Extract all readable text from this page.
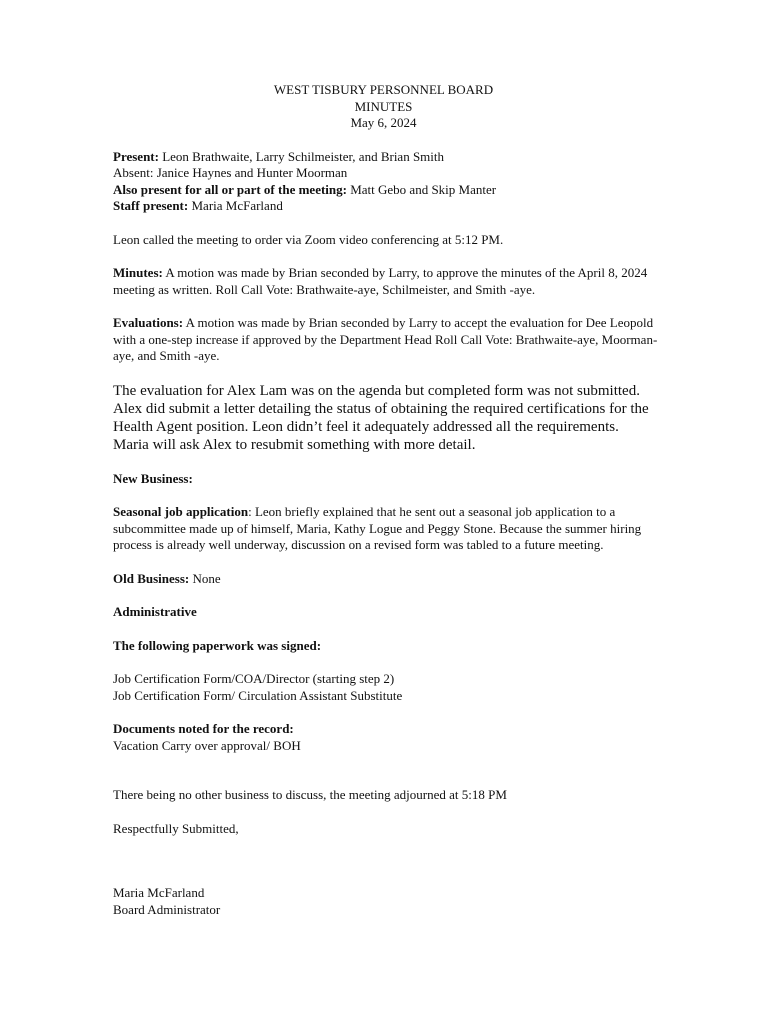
WEST TISBURY PERSONNEL BOARD
MINUTES
May 6, 2024

Present: Leon Brathwaite, Larry Schilmeister, and Brian Smith

Absent: Janice Haynes and Hunter Moorman

Also present for all or part of the meeting: Matt Gebo and Skip Manter

Staff present: Maria McFarland

Leon called the meeting to order via Zoom video conferencing at 5:12 PM.

Minutes: A motion was made by Brian seconded by Larry, to approve the minutes of the April 8, 2024 meeting as written. Roll Call Vote: Brathwaite-aye, Schilmeister, and Smith -aye.

Evaluations: A motion was made by Brian seconded by Larry to accept the evaluation for Dee Leopold with a one-step increase if approved by the Department Head Roll Call Vote: Brathwaite-aye, Moorman-aye, and Smith -aye.

The evaluation for Alex Lam was on the agenda but completed form was not submitted. Alex did submit a letter detailing the status of obtaining the required certifications for the Health Agent position. Leon didn’t feel it adequately addressed all the requirements. Maria will ask Alex to resubmit something with more detail.

New Business:

Seasonal job application: Leon briefly explained that he sent out a seasonal job application to a subcommittee made up of himself, Maria, Kathy Logue and Peggy Stone. Because the summer hiring process is already well underway, discussion on a revised form was tabled to a future meeting.

Old Business: None

Administrative

The following paperwork was signed:

Job Certification Form/COA/Director (starting step 2)

Job Certification Form/ Circulation Assistant Substitute

Documents noted for the record:

Vacation Carry over approval/ BOH

There being no other business to discuss, the meeting adjourned at 5:18 PM

Respectfully Submitted,

Maria McFarland

Board Administrator
